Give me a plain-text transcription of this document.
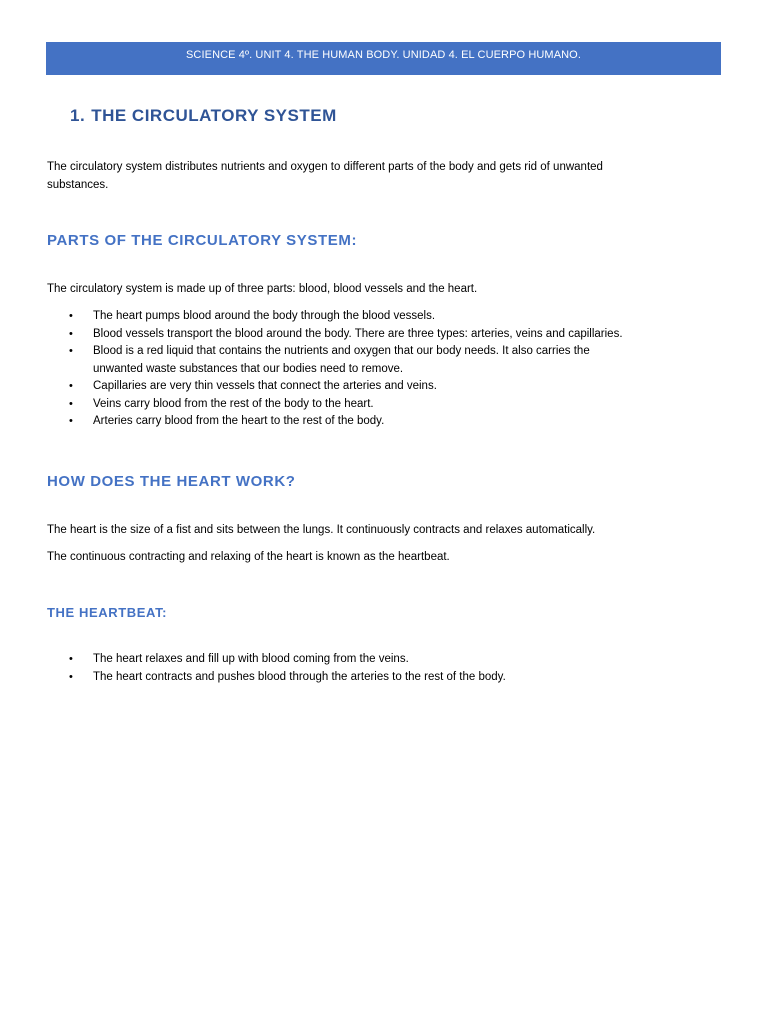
SCIENCE 4º. UNIT 4. THE HUMAN BODY. UNIDAD 4. EL CUERPO HUMANO.
1. THE CIRCULATORY SYSTEM

The circulatory system distributes nutrients and oxygen to different parts of the body and gets rid of unwanted

substances.

PARTS OF THE CIRCULATORY SYSTEM:

The circulatory system is made up of three parts: blood, blood vessels and the heart.

• The heart pumps blood around the body through the blood vessels.
• Blood vessels transport the blood around the body. There are three types: arteries, veins and capillaries.
• Blood is a red liquid that contains the nutrients and oxygen that our body needs. It also carries the
unwanted waste substances that our bodies need to remove.
• Capillaries are very thin vessels that connect the arteries and veins.
• Veins carry blood from the rest of the body to the heart.
• Arteries carry blood from the heart to the rest of the body.
HOW DOES THE HEART WORK?

The heart is the size of a fist and sits between the lungs. It continuously contracts and relaxes automatically.

The continuous contracting and relaxing of the heart is known as the heartbeat.

THE HEARTBEAT:
• The heart relaxes and fill up with blood coming from the veins.
• The heart contracts and pushes blood through the arteries to the rest of the body.
